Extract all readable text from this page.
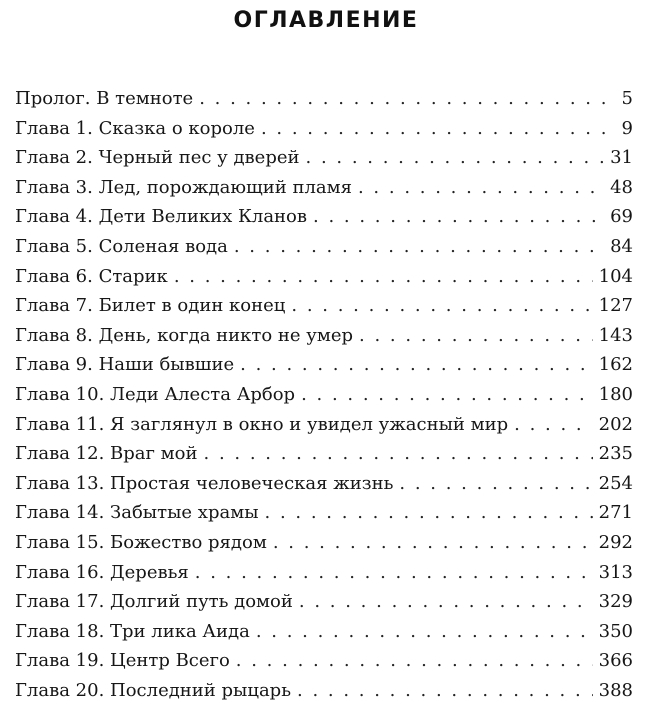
ОГЛАВЛЕНИЕ
Пролог. В темноте . . .	5
Глава 1. Сказка о короле . . .	9
Глава 2. Черный пес у дверей . . .	31
Глава 3. Лед, порождающий пламя . . .	48
Глава 4. Дети Великих Кланов . . .	69
Глава 5. Соленая вода . . .	84
Глава 6. Старик . . .	104
Глава 7. Билет в один конец . . .	127
Глава 8. День, когда никто не умер . . .	143
Глава 9. Наши бывшие . . .	162
Глава 10. Леди Алеста Арбор . . .	180
Глава 11. Я заглянул в окно и увидел ужасный мир . . .	202
Глава 12. Враг мой . . .	235
Глава 13. Простая человеческая жизнь . . .	254
Глава 14. Забытые храмы . . .	271
Глава 15. Божество рядом . . .	292
Глава 16. Деревья . . .	313
Глава 17. Долгий путь домой . . .	329
Глава 18. Три лика Аида . . .	350
Глава 19. Центр Всего . . .	366
Глава 20. Последний рыцарь . . .	388
